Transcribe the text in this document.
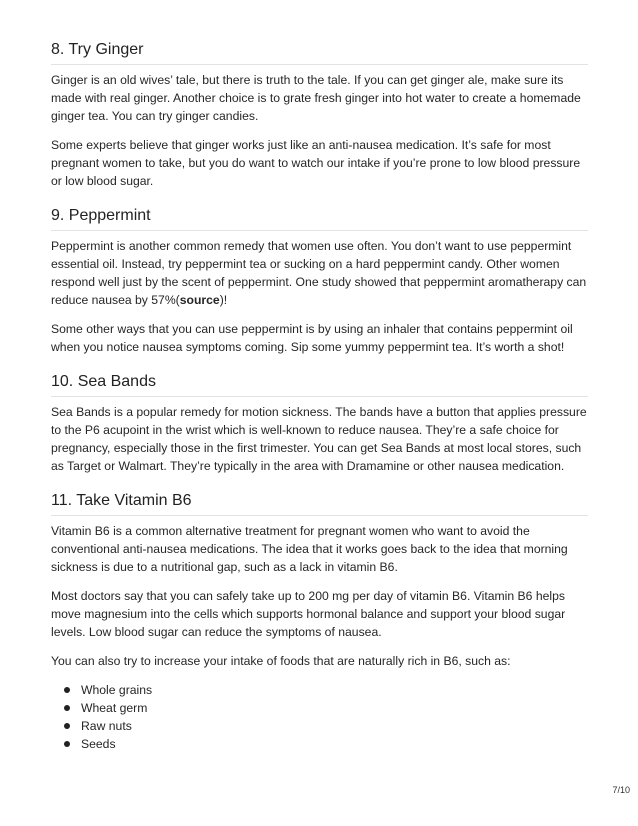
8. Try Ginger

Ginger is an old wives’ tale, but there is truth to the tale. If you can get ginger ale, make sure its made with real ginger. Another choice is to grate fresh ginger into hot water to create a homemade ginger tea. You can try ginger candies.

Some experts believe that ginger works just like an anti-nausea medication. It’s safe for most pregnant women to take, but you do want to watch our intake if you’re prone to low blood pressure or low blood sugar.

9. Peppermint

Peppermint is another common remedy that women use often. You don’t want to use peppermint essential oil. Instead, try peppermint tea or sucking on a hard peppermint candy. Other women respond well just by the scent of peppermint. One study showed that peppermint aromatherapy can reduce nausea by 57%(source)!

Some other ways that you can use peppermint is by using an inhaler that contains peppermint oil when you notice nausea symptoms coming. Sip some yummy peppermint tea. It’s worth a shot!

10. Sea Bands

Sea Bands is a popular remedy for motion sickness. The bands have a button that applies pressure to the P6 acupoint in the wrist which is well-known to reduce nausea. They’re a safe choice for pregnancy, especially those in the first trimester. You can get Sea Bands at most local stores, such as Target or Walmart. They’re typically in the area with Dramamine or other nausea medication.

11. Take Vitamin B6

Vitamin B6 is a common alternative treatment for pregnant women who want to avoid the conventional anti-nausea medications. The idea that it works goes back to the idea that morning sickness is due to a nutritional gap, such as a lack in vitamin B6.

Most doctors say that you can safely take up to 200 mg per day of vitamin B6. Vitamin B6 helps move magnesium into the cells which supports hormonal balance and support your blood sugar levels. Low blood sugar can reduce the symptoms of nausea.

You can also try to increase your intake of foods that are naturally rich in B6, such as:

Whole grains
Wheat germ
Raw nuts
Seeds
7/10
